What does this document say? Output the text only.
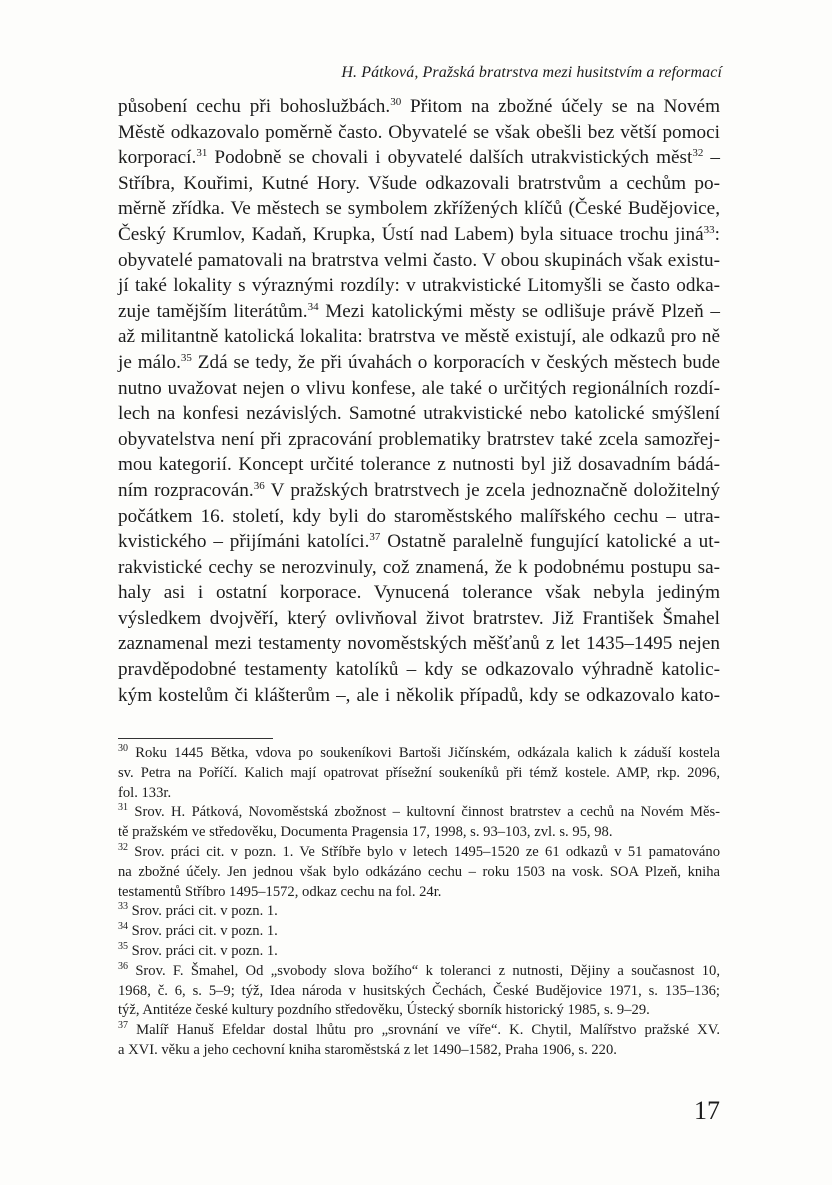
H. Pátková, Pražská bratrstva mezi husitstvím a reformací
působení cechu při bohoslužbách.$^{30}$ Přitom na zbožné účely se na Novém
Městě odkazovalo poměrně často. Obyvatelé se však obešli bez větší pomoci
korporací.$^{31}$ Podobně se chovali i obyvatelé dalších utrakvistických měst$^{32}$ –
Stříbra, Kouřimi, Kutné Hory. Všude odkazovali bratrstvům a cechům po-
měrně zřídka. Ve městech se symbolem zkřížených klíčů (České Budějovice,
Český Krumlov, Kadaň, Krupka, Ústí nad Labem) byla situace trochu jiná$^{33}$:
obyvatelé pamatovali na bratrstva velmi často. V obou skupinách však existu-
jí také lokality s výraznými rozdíly: v utrakvistické Litomyšli se často odka-
zuje tamějším literátům.$^{34}$ Mezi katolickými městy se odlišuje právě Plzeň –
až militantně katolická lokalita: bratrstva ve městě existují, ale odkazů pro ně
je málo.$^{35}$ Zdá se tedy, že při úvahách o korporacích v českých městech bude
nutno uvažovat nejen o vlivu konfese, ale také o určitých regionálních rozdí-
lech na konfesi nezávislých. Samotné utrakvistické nebo katolické smýšlení
obyvatelstva není při zpracování problematiky bratrstev také zcela samozřej-
mou kategorií. Koncept určité tolerance z nutnosti byl již dosavadním bádá-
ním rozpracován.$^{36}$ V pražských bratrstvech je zcela jednoznačně doložitelný
počátkem 16. století, kdy byli do staroměstského malířského cechu – utra-
kvistického – přijímáni katolíci.$^{37}$ Ostatně paralelně fungující katolické a ut-
rakvistické cechy se nerozvinuly, což znamená, že k podobnému postupu sa-
haly asi i ostatní korporace. Vynucená tolerance však nebyla jediným
výsledkem dvojvěří, který ovlivňoval život bratrstev. Již František Šmahel
zaznamenal mezi testamenty novoměstských měšťanů z let 1435–1495 nejen
pravděpodobné testamenty katolíků – kdy se odkazovalo výhradně katolic-
kým kostelům či klášterům –, ale i několik případů, kdy se odkazovalo kato-
$^{30}$ Roku 1445 Bětka, vdova po soukeníkovi Bartoši Jičínském, odkázala kalich k záduší kostela
sv. Petra na Poříčí. Kalich mají opatrovat přísežní soukeníků při témž kostele. AMP, rkp. 2096,
fol. 133r.
$^{31}$ Srov. H. Pátková, Novoměstská zbožnost – kultovní činnost bratrstev a cechů na Novém Měs-
tě pražském ve středověku, Documenta Pragensia 17, 1998, s. 93–103, zvl. s. 95, 98.
$^{32}$ Srov. práci cit. v pozn. 1. Ve Stříbře bylo v letech 1495–1520 ze 61 odkazů v 51 pamatováno
na zbožné účely. Jen jednou však bylo odkázáno cechu – roku 1503 na vosk. SOA Plzeň, kniha
testamentů Stříbro 1495–1572, odkaz cechu na fol. 24r.
$^{33}$ Srov. práci cit. v pozn. 1.
$^{34}$ Srov. práci cit. v pozn. 1.
$^{35}$ Srov. práci cit. v pozn. 1.
$^{36}$ Srov. F. Šmahel, Od „svobody slova božího“ k toleranci z nutnosti, Dějiny a současnost 10,
1968, č. 6, s. 5–9; týž, Idea národa v husitských Čechách, České Budějovice 1971, s. 135–136;
týž, Antitéze české kultury pozdního středověku, Ústecký sborník historický 1985, s. 9–29.
$^{37}$ Malíř Hanuš Efeldar dostal lhůtu pro „srovnání ve víře“. K. Chytil, Malířstvo pražské XV.
a XVI. věku a jeho cechovní kniha staroměstská z let 1490–1582, Praha 1906, s. 220.
17
